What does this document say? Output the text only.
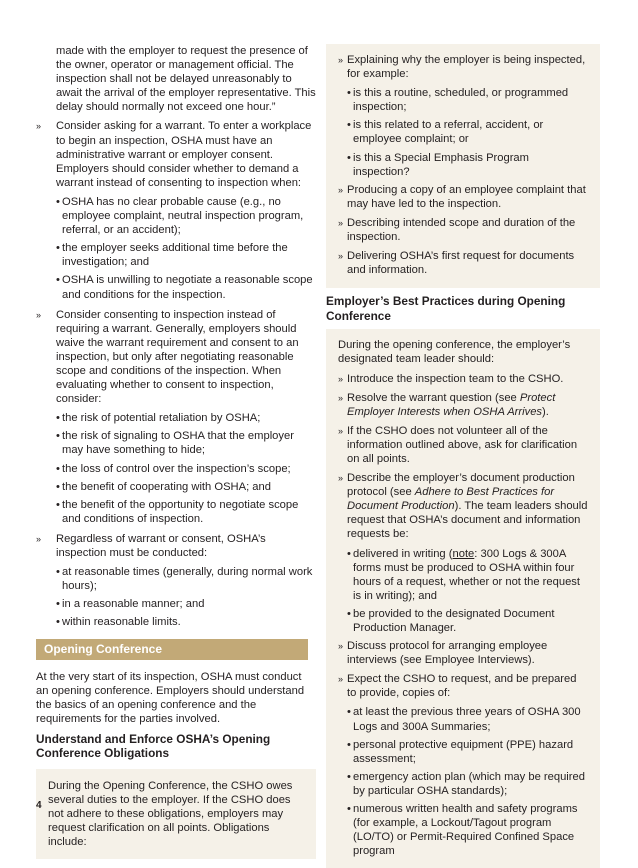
made with the employer to request the presence of the owner, operator or management official. The inspection shall not be delayed unreasonably to await the arrival of the employer representative. This delay should normally not exceed one hour.”

» Consider asking for a warrant. To enter a workplace to begin an inspection, OSHA must have an administrative warrant or employer consent. Employers should consider whether to demand a warrant instead of consenting to inspection when:
• OSHA has no clear probable cause (e.g., no employee complaint, neutral inspection program, referral, or an accident);
• the employer seeks additional time before the investigation; and
• OSHA is unwilling to negotiate a reasonable scope and conditions for the inspection.
» Consider consenting to inspection instead of requiring a warrant. Generally, employers should waive the warrant requirement and consent to an inspection, but only after negotiating reasonable scope and conditions of the inspection. When evaluating whether to consent to inspection, consider:
• the risk of potential retaliation by OSHA;
• the risk of signaling to OSHA that the employer may have something to hide;
• the loss of control over the inspection’s scope;
• the benefit of cooperating with OSHA; and
• the benefit of the opportunity to negotiate scope and conditions of inspection.
» Regardless of warrant or consent, OSHA’s inspection must be conducted:
• at reasonable times (generally, during normal work hours);
• in a reasonable manner; and
• within reasonable limits.
Opening Conference

At the very start of its inspection, OSHA must conduct an opening conference. Employers should understand the basics of an opening conference and the requirements for the parties involved.

Understand and Enforce OSHA’s Opening Conference Obligations

During the Opening Conference, the CSHO owes several duties to the employer. If the CSHO does not adhere to these obligations, employers may request clarification on all points. Obligations include:

» Explaining why the employer is being inspected, for example:
• is this a routine, scheduled, or programmed inspection;
• is this related to a referral, accident, or employee complaint; or
• is this a Special Emphasis Program inspection?
» Producing a copy of an employee complaint that may have led to the inspection.
» Describing intended scope and duration of the inspection.
» Delivering OSHA’s first request for documents and information.
Employer’s Best Practices during Opening Conference

During the opening conference, the employer’s designated team leader should:

» Introduce the inspection team to the CSHO.
» Resolve the warrant question (see Protect Employer Interests when OSHA Arrives).
» If the CSHO does not volunteer all of the information outlined above, ask for clarification on all points.
» Describe the employer’s document production protocol (see Adhere to Best Practices for Document Production). The team leaders should request that OSHA’s document and information requests be:
• delivered in writing (note: 300 Logs & 300A forms must be produced to OSHA within four hours of a request, whether or not the request is in writing); and
• be provided to the designated Document Production Manager.
» Discuss protocol for arranging employee interviews (see Employee Interviews).
» Expect the CSHO to request, and be prepared to provide, copies of:
• at least the previous three years of OSHA 300 Logs and 300A Summaries;
• personal protective equipment (PPE) hazard assessment;
• emergency action plan (which may be required by particular OSHA standards);
• numerous written health and safety programs (for example, a Lockout/Tagout program (LO/TO) or Permit-Required Confined Space program
4
